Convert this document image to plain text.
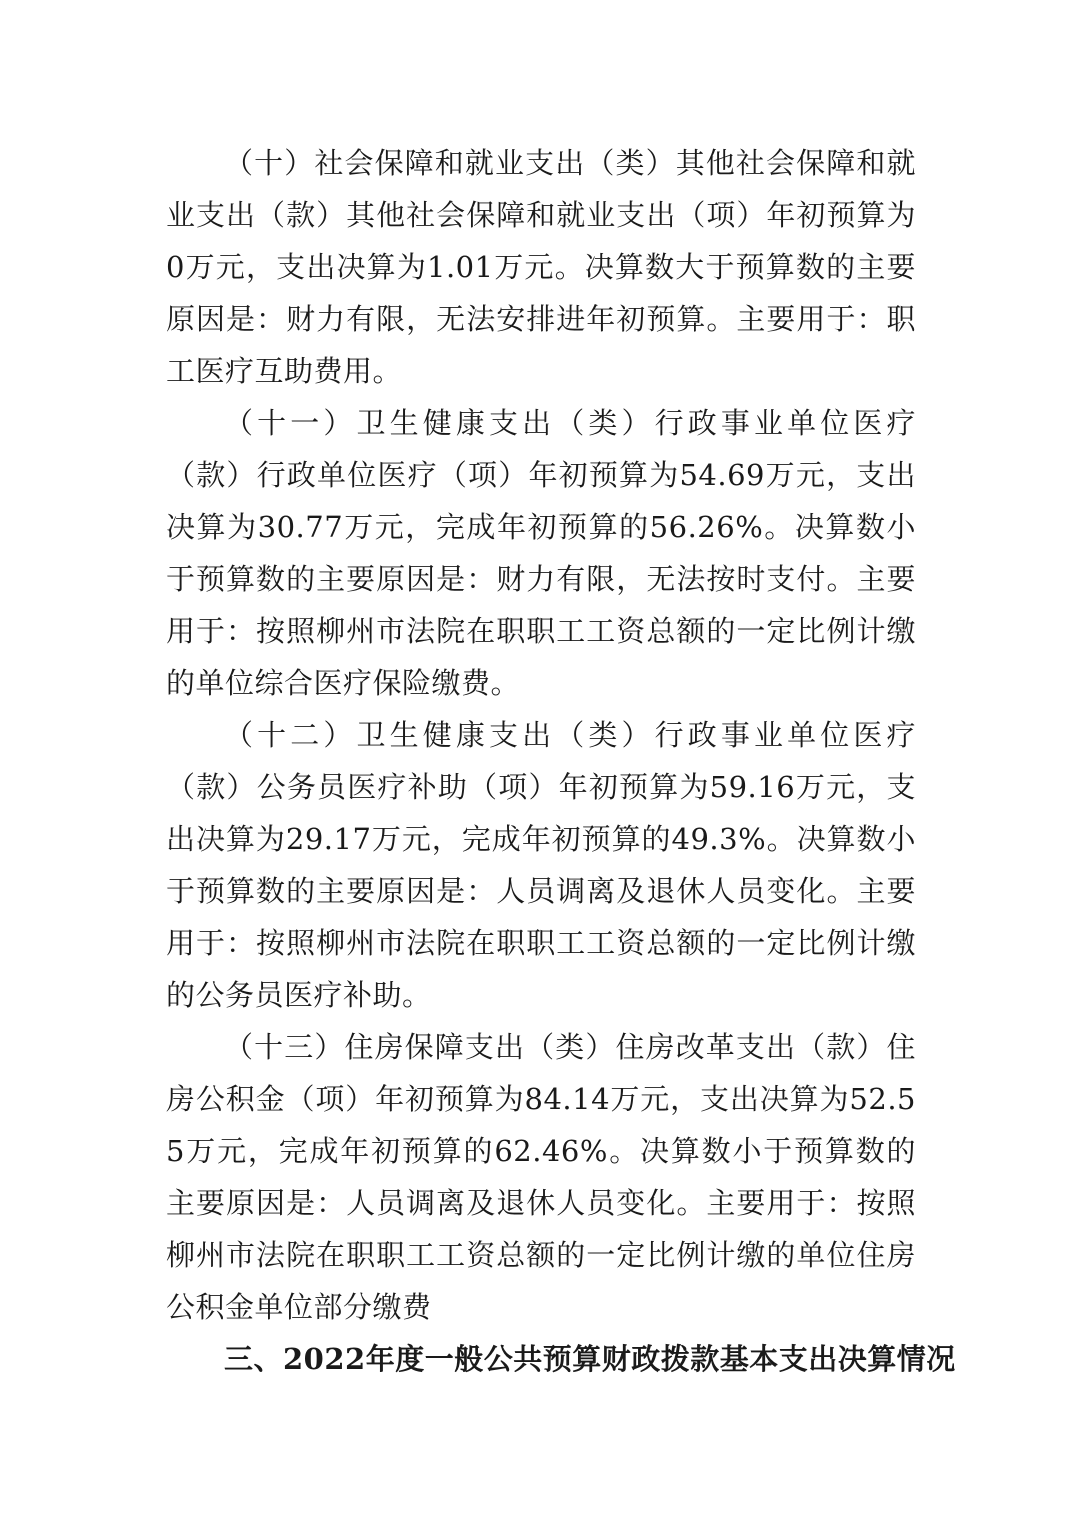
（十）社会保障和就业支出（类）其他社会保障和就业支出（款）其他社会保障和就业支出（项）年初预算为0万元，支出决算为1.01万元。决算数大于预算数的主要原因是：财力有限，无法安排进年初预算。主要用于：职工医疗互助费用。

（十一）卫生健康支出（类）行政事业单位医疗（款）行政单位医疗（项）年初预算为54.69万元，支出决算为30.77万元，完成年初预算的56.26%。决算数小于预算数的主要原因是：财力有限，无法按时支付。主要用于：按照柳州市法院在职职工工资总额的一定比例计缴的单位综合医疗保险缴费。

（十二）卫生健康支出（类）行政事业单位医疗（款）公务员医疗补助（项）年初预算为59.16万元，支出决算为29.17万元，完成年初预算的49.3%。决算数小于预算数的主要原因是：人员调离及退休人员变化。主要用于：按照柳州市法院在职职工工资总额的一定比例计缴的公务员医疗补助。

（十三）住房保障支出（类）住房改革支出（款）住房公积金（项）年初预算为84.14万元，支出决算为52.55万元，完成年初预算的62.46%。决算数小于预算数的主要原因是：人员调离及退休人员变化。主要用于：按照柳州市法院在职职工工资总额的一定比例计缴的单位住房公积金单位部分缴费

三、2022年度一般公共预算财政拨款基本支出决算情况
